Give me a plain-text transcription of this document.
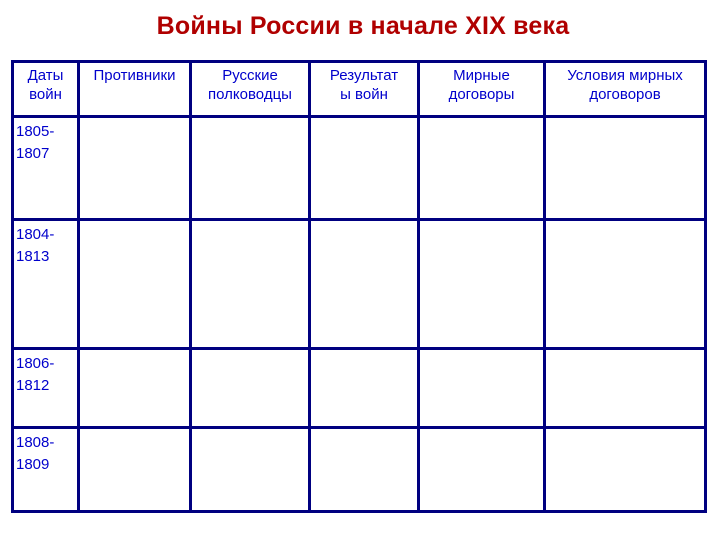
Войны России в начале XIX века
Даты
войн
Противники	Русские
полководцы
Результат
ы войн
Мирные
договоры
Условия мирных
договоров
1805-
1807
1804-
1813
1806-
1812
1808-
1809
